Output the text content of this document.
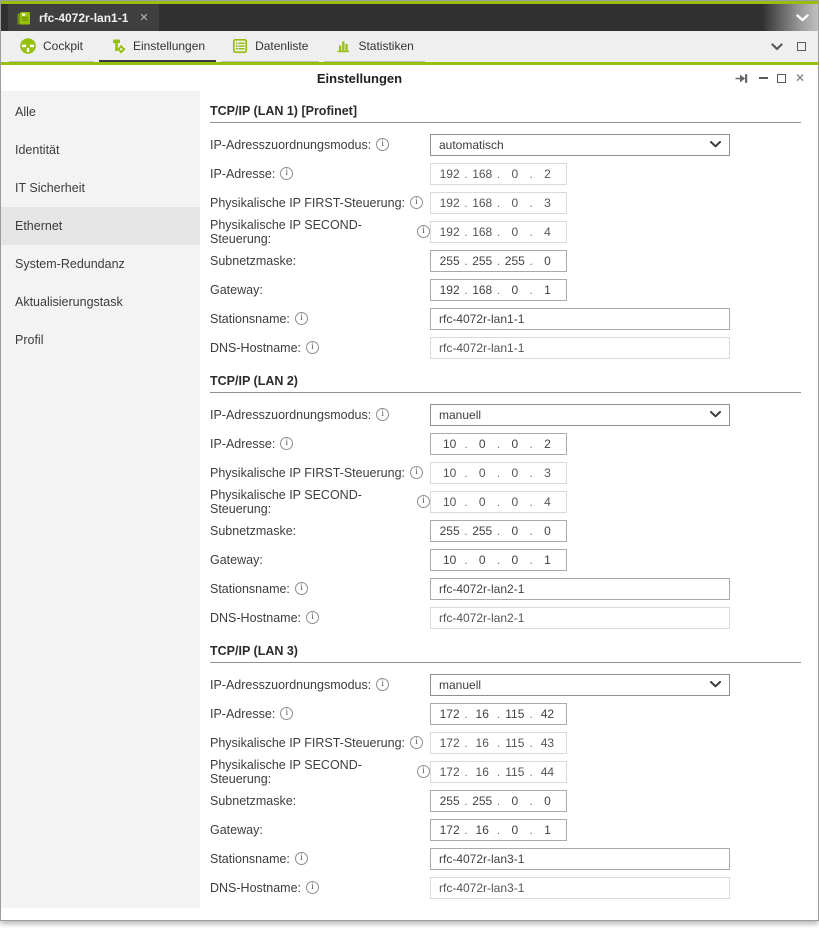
rfc-4072r-lan1-1 ✕
Cockpit	Einstellungen	Datenliste	Statistiken
Einstellungen	✕
Alle
Identität
IT Sicherheit
Ethernet
System-Redundanz
Aktualisierungstask
Profil
TCP/IP (LAN 1) [Profinet]
IP-Adresszuordnungsmodus:	i	automatisch
IP-Adresse:	i	192 . 168 . 0 . 2
Physikalische IP FIRST-Steuerung:	i	192 . 168 . 0 . 3
Physikalische IP SECOND-Steuerung:
i	192 . 168 . 0 . 4
Subnetzmaske:	255 . 255 . 255 . 0
Gateway:	192 . 168 . 0 . 1
Stationsname:	i
rfc-4072r-lan1-1
DNS-Hostname:	i
rfc-4072r-lan1-1
TCP/IP (LAN 2)
IP-Adresszuordnungsmodus:	i	manuell
IP-Adresse:	i	10 . 0 . 0 . 2
Physikalische IP FIRST-Steuerung:	i	10 . 0 . 0 . 3
Physikalische IP SECOND-Steuerung:
i	10 . 0 . 0 . 4
Subnetzmaske:	255 . 255 . 0 . 0
Gateway:	10 . 0 . 0 . 1
Stationsname:	i
rfc-4072r-lan2-1
DNS-Hostname:	i
rfc-4072r-lan2-1
TCP/IP (LAN 3)
IP-Adresszuordnungsmodus:	i	manuell
IP-Adresse:	i	172 . 16 . 115 . 42
Physikalische IP FIRST-Steuerung:	i	172 . 16 . 115 . 43
Physikalische IP SECOND-Steuerung:
i	172 . 16 . 115 . 44
Subnetzmaske:	255 . 255 . 0 . 0
Gateway:	172 . 16 . 0 . 1
Stationsname:	i
rfc-4072r-lan3-1
DNS-Hostname:	i
rfc-4072r-lan3-1
